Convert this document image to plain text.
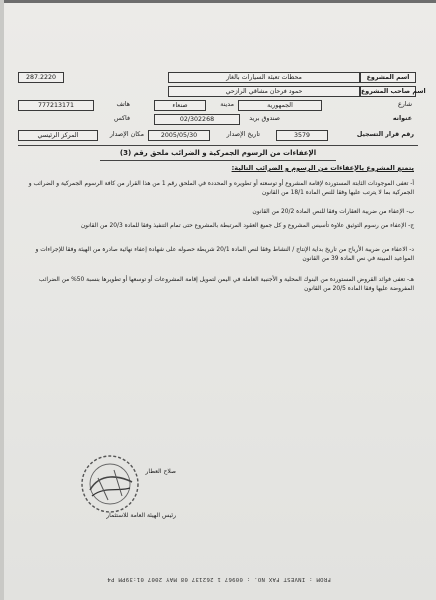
287.2220	محطات تعبئة السيارات بالغاز	اسم المشروع
حمود فرحان مشاقي الرازحي	اسم صاحب المشروع
777213171	هاتف	صنعاء	مدينة	الجمهورية	شارع
فاكس	02/302268	صندوق بريد	عنوانه
المركز الرئيسي	مكان الإصدار	2005/05/30	تاريخ الإصدار	3579	رقم قرار التسجيل
الإعفاءات من الرسوم الجمركية و الضرائب ملحق رقم (3)
يتمتع المشروع بالإعفاءات من الرسوم و الضرائب التالية:
أ- تعفى الموجودات الثابتة المستوردة لإقامة المشروع أو توسعته أو تطويره و المحددة في الملحق رقم 1 من هذا القرار من كافة الرسوم الجمركية و الضرائب و الجمركية بما لا يترتب عليها وفقا للنص المادة 18/1 من القانون
ب- الإعفاء من ضريبة العقارات وفقا للنص المادة 20/2 من القانون
ج- الإعفاء من رسوم التوثيق علاوة تأسيس المشروع و كل جميع العقود المرتبطة بالمشروع حتى تمام التنفيذ وفقا للمادة 20/3 من القانون
د- الاعفاء من ضريبة الأرباح من تاريخ بداية الإنتاج / النشاط وفقا لنص المادة 20/1 شريطة حصوله على شهادة إعفاء نهائية صادرة من الهيئة وفقا للإجراءات و المواعيد المبينة في نص المادة 39 من القانون
هـ- تعفى فوائد القروض المستوردة من البنوك المحلية و الأجنبية العاملة في اليمن لتمويل إقامة المشروعات أو توسعها أو تطويرها بنسبة 50% من الضرائب المفروضة عليها وفقا المادة 20/5 من القانون
صلاح العطار
رئيس الهيئة العامة للاستثمار
FROM : INVEST FAX NO. : 00967 1 262137 08 MAY 2007 01:39PM P4
